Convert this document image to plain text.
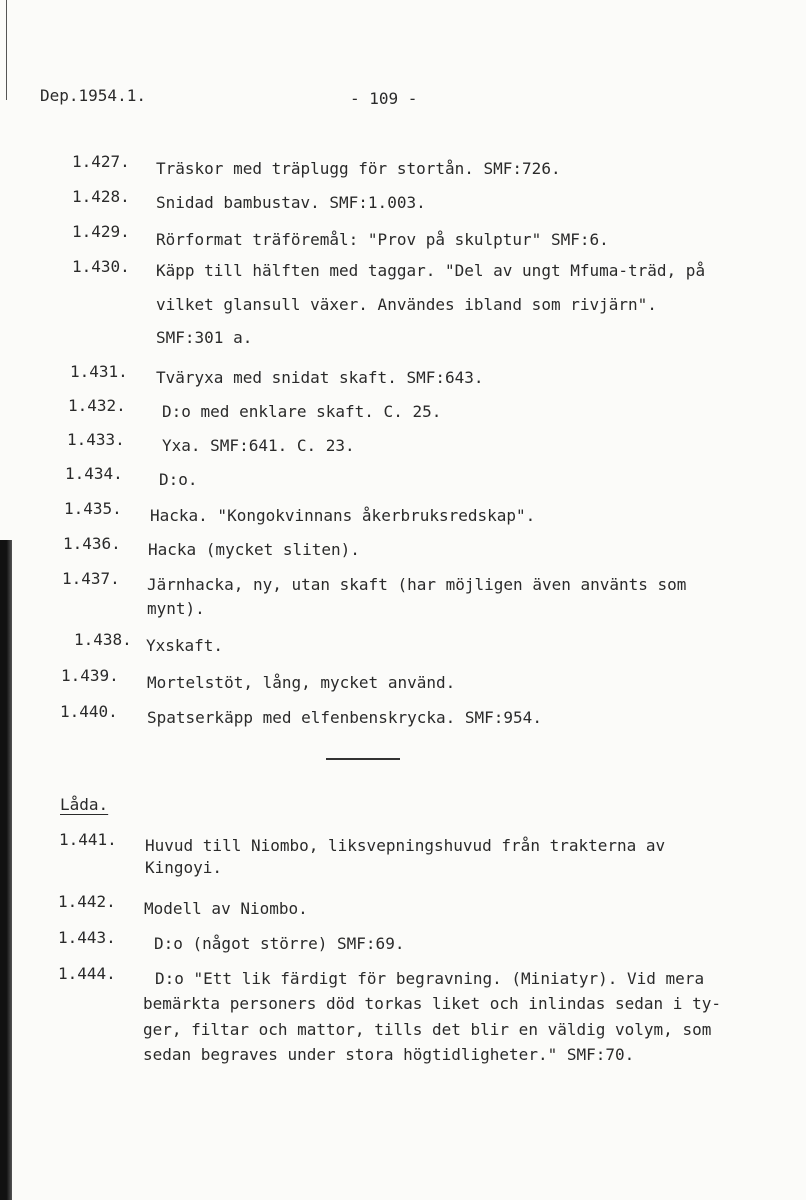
Dep.1954.1.	- 109 -
1.427. Träskor med träplugg för stortån. SMF:726.
1.428. Snidad bambustav. SMF:1.003.
1.429. Rörformat träföremål: "Prov på skulptur" SMF:6.
1.430. Käpp till hälften med taggar. "Del av ungt Mfuma-träd, på
vilket glansull växer. Användes ibland som rivjärn".
SMF:301 a.
1.431. Tväryxa med snidat skaft. SMF:643.
1.432. D:o med enklare skaft. C. 25.
1.433. Yxa. SMF:641. C. 23.
1.434. D:o.
1.435. Hacka. "Kongokvinnans åkerbruksredskap".
1.436. Hacka (mycket sliten).
1.437. Järnhacka, ny, utan skaft (har möjligen även använts som
mynt).
1.438. Yxskaft.
1.439. Mortelstöt, lång, mycket använd.
1.440. Spatserkäpp med elfenbenskrycka. SMF:954.
Låda.
1.441. Huvud till Niombo, liksvepningshuvud från trakterna av
Kingoyi.
1.442. Modell av Niombo.
1.443. D:o (något större) SMF:69.
1.444. D:o "Ett lik färdigt för begravning. (Miniatyr). Vid mera
bemärkta personers död torkas liket och inlindas sedan i ty-
ger, filtar och mattor, tills det blir en väldig volym, som
sedan begraves under stora högtidligheter." SMF:70.
